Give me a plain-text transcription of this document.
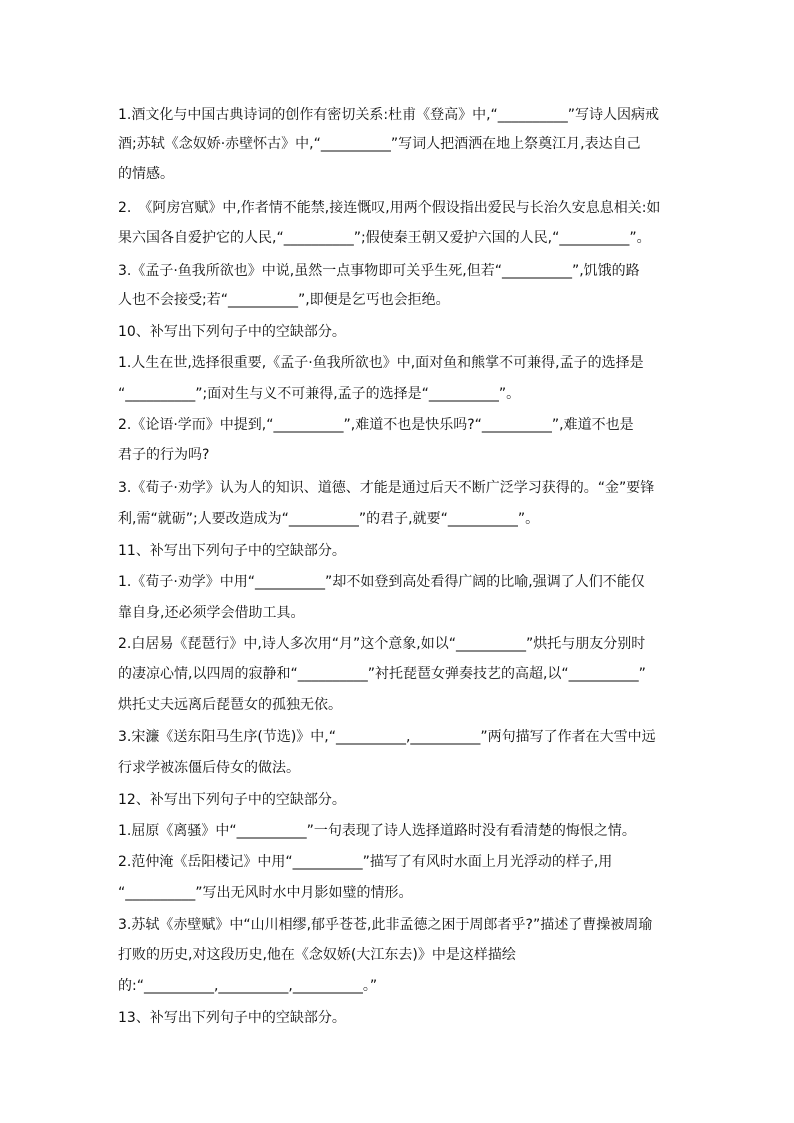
1.酒文化与中国古典诗词的创作有密切关系:杜甫《登高》中,“__________”写诗人因病戒
酒;苏轼《念奴娇·赤壁怀古》中,“__________”写词人把酒洒在地上祭奠江月,表达自己
的情感。
2.　《阿房宫赋》中,作者情不能禁,接连慨叹,用两个假设指出爱民与长治久安息息相关:如
果六国各自爱护它的人民,“__________”;假使秦王朝又爱护六国的人民,“__________”。
3.《孟子·鱼我所欲也》中说,虽然一点事物即可关乎生死,但若“__________”,饥饿的路
人也不会接受;若“__________”,即便是乞丐也会拒绝。
10、补写出下列句子中的空缺部分。
1.人生在世,选择很重要,《孟子·鱼我所欲也》中,面对鱼和熊掌不可兼得,孟子的选择是
“__________”;面对生与义不可兼得,孟子的选择是“__________”。
2.《论语·学而》中提到,“__________”,难道不也是快乐吗?“__________”,难道不也是
君子的行为吗?
3.《荀子·劝学》认为人的知识、道德、才能是通过后天不断广泛学习获得的。“金”要锋
利,需“就砺”;人要改造成为“__________”的君子,就要“__________”。
11、补写出下列句子中的空缺部分。
1.《荀子·劝学》中用“__________”却不如登到高处看得广阔的比喻,强调了人们不能仅
靠自身,还必须学会借助工具。
2.白居易《琵琶行》中,诗人多次用“月”这个意象,如以“__________”烘托与朋友分别时
的凄凉心情,以四周的寂静和“__________”衬托琵琶女弹奏技艺的高超,以“__________”
烘托丈夫远离后琵琶女的孤独无依。
3.宋濂《送东阳马生序(节选)》中,“__________,__________”两句描写了作者在大雪中远
行求学被冻僵后侍女的做法。
12、补写出下列句子中的空缺部分。
1.屈原《离骚》中“__________”一句表现了诗人选择道路时没有看清楚的悔恨之情。
2.范仲淹《岳阳楼记》中用“__________”描写了有风时水面上月光浮动的样子,用
“__________”写出无风时水中月影如璧的情形。
3.苏轼《赤壁赋》中“山川相缪,郁乎苍苍,此非孟德之困于周郎者乎?”描述了曹操被周瑜
打败的历史,对这段历史,他在《念奴娇(大江东去)》中是这样描绘
的:“__________,__________,__________。”
13、补写出下列句子中的空缺部分。
